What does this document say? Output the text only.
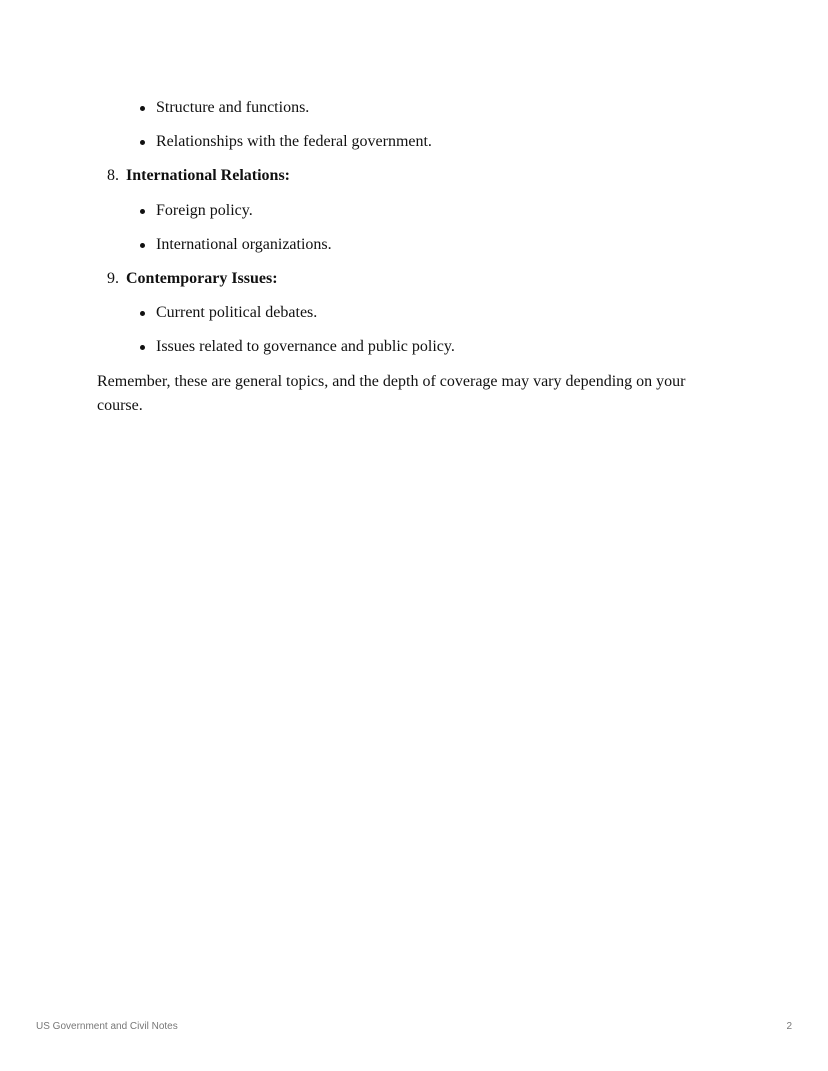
Structure and functions.
Relationships with the federal government.
8. International Relations:
Foreign policy.
International organizations.
9. Contemporary Issues:
Current political debates.
Issues related to governance and public policy.

Remember, these are general topics, and the depth of coverage may vary depending on your course.

US Government and Civil Notes	2
